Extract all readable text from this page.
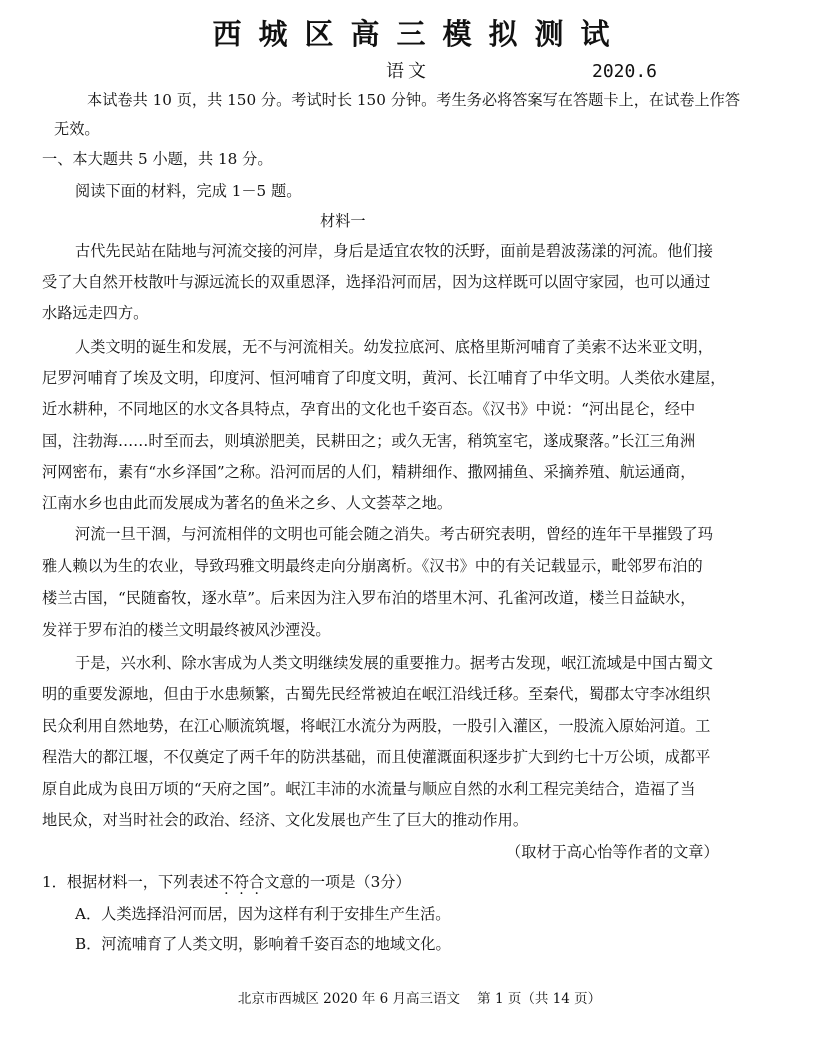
西城区高三模拟测试
语文	2020.6
本试卷共 10 页，共 150 分。考试时长 150 分钟。考生务必将答案写在答题卡上，在试卷上作答
无效。
一、本大题共 5 小题，共 18 分。
阅读下面的材料，完成 1－5 题。
材料一
古代先民站在陆地与河流交接的河岸，身后是适宜农牧的沃野，面前是碧波荡漾的河流。他们接
受了大自然开枝散叶与源远流长的双重恩泽，选择沿河而居，因为这样既可以固守家园，也可以通过
水路远走四方。
人类文明的诞生和发展，无不与河流相关。幼发拉底河、底格里斯河哺育了美索不达米亚文明，
尼罗河哺育了埃及文明，印度河、恒河哺育了印度文明，黄河、长江哺育了中华文明。人类依水建屋，
近水耕种，不同地区的水文各具特点，孕育出的文化也千姿百态。《汉书》中说：“河出昆仑，经中
国，注勃海……时至而去，则填淤肥美，民耕田之；或久无害，稍筑室宅，遂成聚落。”长江三角洲
河网密布，素有“水乡泽国”之称。沿河而居的人们，精耕细作、撒网捕鱼、采摘养殖、航运通商，
江南水乡也由此而发展成为著名的鱼米之乡、人文荟萃之地。
河流一旦干涸，与河流相伴的文明也可能会随之消失。考古研究表明，曾经的连年干旱摧毁了玛
雅人赖以为生的农业，导致玛雅文明最终走向分崩离析。《汉书》中的有关记载显示，毗邻罗布泊的
楼兰古国，“民随畜牧，逐水草”。后来因为注入罗布泊的塔里木河、孔雀河改道，楼兰日益缺水，
发祥于罗布泊的楼兰文明最终被风沙湮没。
于是，兴水利、除水害成为人类文明继续发展的重要推力。据考古发现，岷江流域是中国古蜀文
明的重要发源地，但由于水患频繁，古蜀先民经常被迫在岷江沿线迁移。至秦代，蜀郡太守李冰组织
民众利用自然地势，在江心顺流筑堰，将岷江水流分为两股，一股引入灌区，一股流入原始河道。工
程浩大的都江堰，不仅奠定了两千年的防洪基础，而且使灌溉面积逐步扩大到约七十万公顷，成都平
原自此成为良田万顷的“天府之国”。岷江丰沛的水流量与顺应自然的水利工程完美结合，造福了当
地民众，对当时社会的政治、经济、文化发展也产生了巨大的推动作用。
（取材于高心怡等作者的文章）
1．根据材料一，下列表述不符合文意的一项是（3分）
A．人类选择沿河而居，因为这样有利于安排生产生活。
B．河流哺育了人类文明，影响着千姿百态的地域文化。
北京市西城区 2020 年 6 月高三语文    第 1 页（共 14 页）
